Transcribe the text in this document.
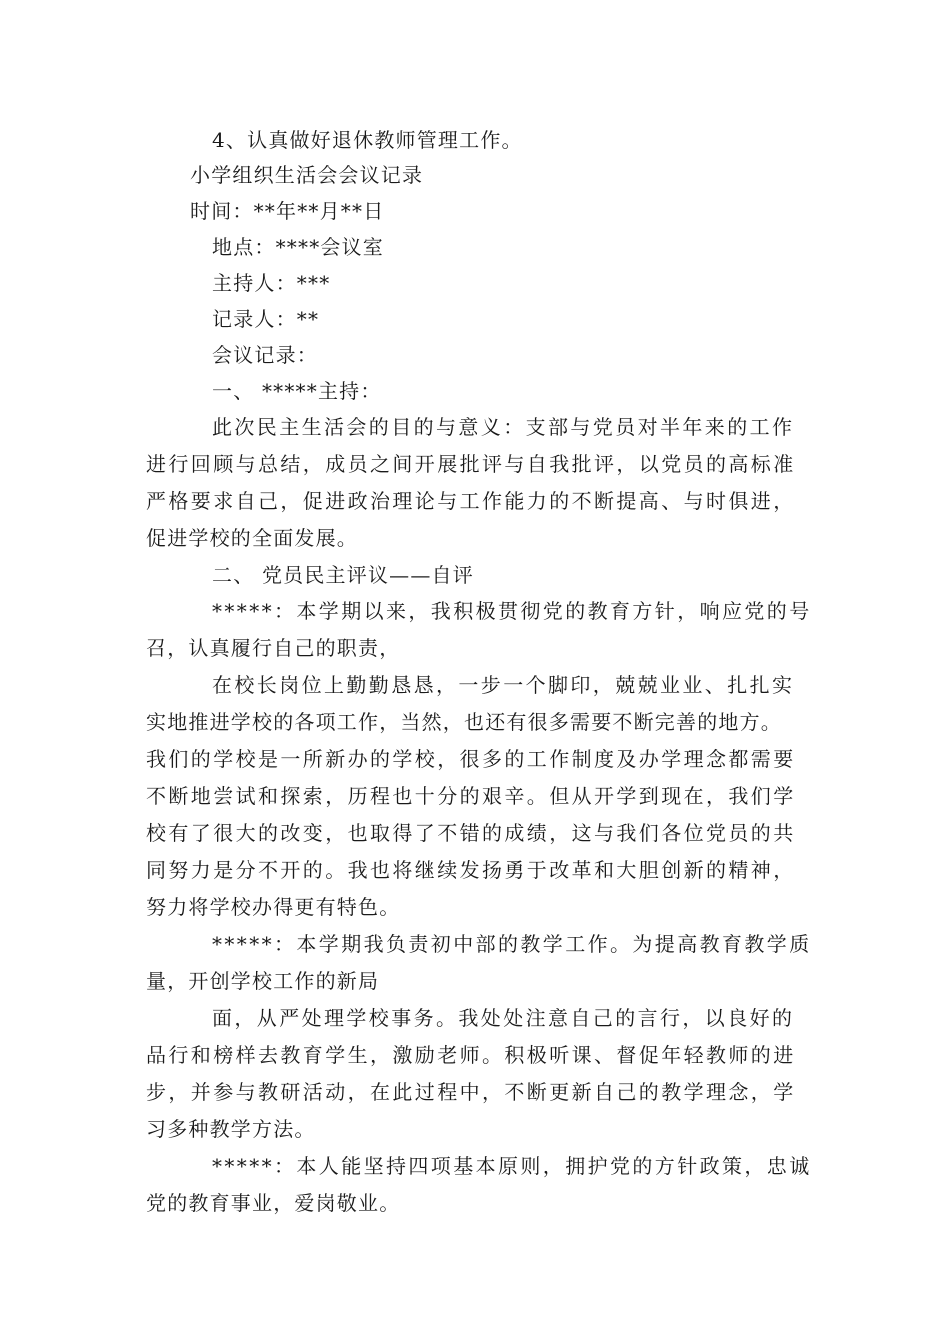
4、认真做好退休教师管理工作。
小学组织生活会会议记录
时间：**年**月**日
地点：****会议室
主持人：***
记录人：**
会议记录：
一、 *****主持：
此次民主生活会的目的与意义：支部与党员对半年来的工作
进行回顾与总结，成员之间开展批评与自我批评，以党员的高标准
严格要求自己，促进政治理论与工作能力的不断提高、与时俱进，
促进学校的全面发展。
二、 党员民主评议——自评
*****：本学期以来，我积极贯彻党的教育方针，响应党的号
召，认真履行自己的职责，
在校长岗位上勤勤恳恳，一步一个脚印，兢兢业业、扎扎实
实地推进学校的各项工作，当然，也还有很多需要不断完善的地方。
我们的学校是一所新办的学校，很多的工作制度及办学理念都需要
不断地尝试和探索，历程也十分的艰辛。但从开学到现在，我们学
校有了很大的改变，也取得了不错的成绩，这与我们各位党员的共
同努力是分不开的。我也将继续发扬勇于改革和大胆创新的精神，
努力将学校办得更有特色。
*****：本学期我负责初中部的教学工作。为提高教育教学质
量，开创学校工作的新局
面，从严处理学校事务。我处处注意自己的言行，以良好的
品行和榜样去教育学生，激励老师。积极听课、督促年轻教师的进
步，并参与教研活动，在此过程中，不断更新自己的教学理念，学
习多种教学方法。
*****：本人能坚持四项基本原则，拥护党的方针政策，忠诚
党的教育事业，爱岗敬业。
